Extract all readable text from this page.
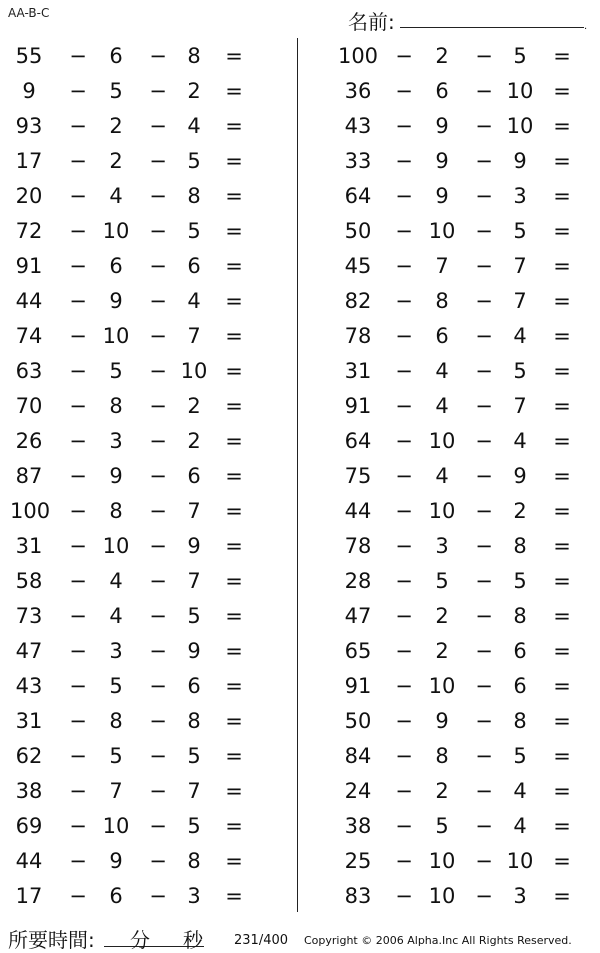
AA-B-C	名前:	.
55	−	6	− 8	=
9	−	5	− 2	=
93	−	2	− 4	=
17	−	2	− 5	=
20	−	4	− 8	=
72	− 10 − 5	=
91	−	6	− 6	=
44	−	9	− 4	=
74	− 10 − 7	=
63	−	5	− 10 =
70	−	8	− 2	=
26	−	3	− 2	=
87	−	9	− 6	=
100 −	8	− 7	=
31	− 10 − 9	=
58	−	4	− 7	=
73	−	4	− 5	=
47	−	3	− 9	=
43	−	5	− 6	=
31	−	8	− 8	=
62	−	5	− 5	=
38	−	7	− 7	=
69	− 10 − 5	=
44	−	9	− 8	=
17	−	6	− 3	=
100 −	2	− 5	=
36	−	6	− 10 =
43	−	9	− 10 =
33	−	9	− 9	=
64	−	9	− 3	=
50	− 10 − 5	=
45	−	7	− 7	=
82	−	8	− 7	=
78	−	6	− 4	=
31	−	4	− 5	=
91	−	4	− 7	=
64	− 10 − 4	=
75	−	4	− 9	=
44	− 10 − 2	=
78	−	3	− 8	=
28	−	5	− 5	=
47	−	2	− 8	=
65	−	2	− 6	=
91	− 10 − 6	=
50	−	9	− 8	=
84	−	8	− 5	=
24	−	2	− 4	=
38	−	5	− 4	=
25	− 10 − 10 =
83	− 10 − 3	=
所要時間: 分 秒 231/400 Copyright © 2006 Alpha.Inc All Rights Reserved.
